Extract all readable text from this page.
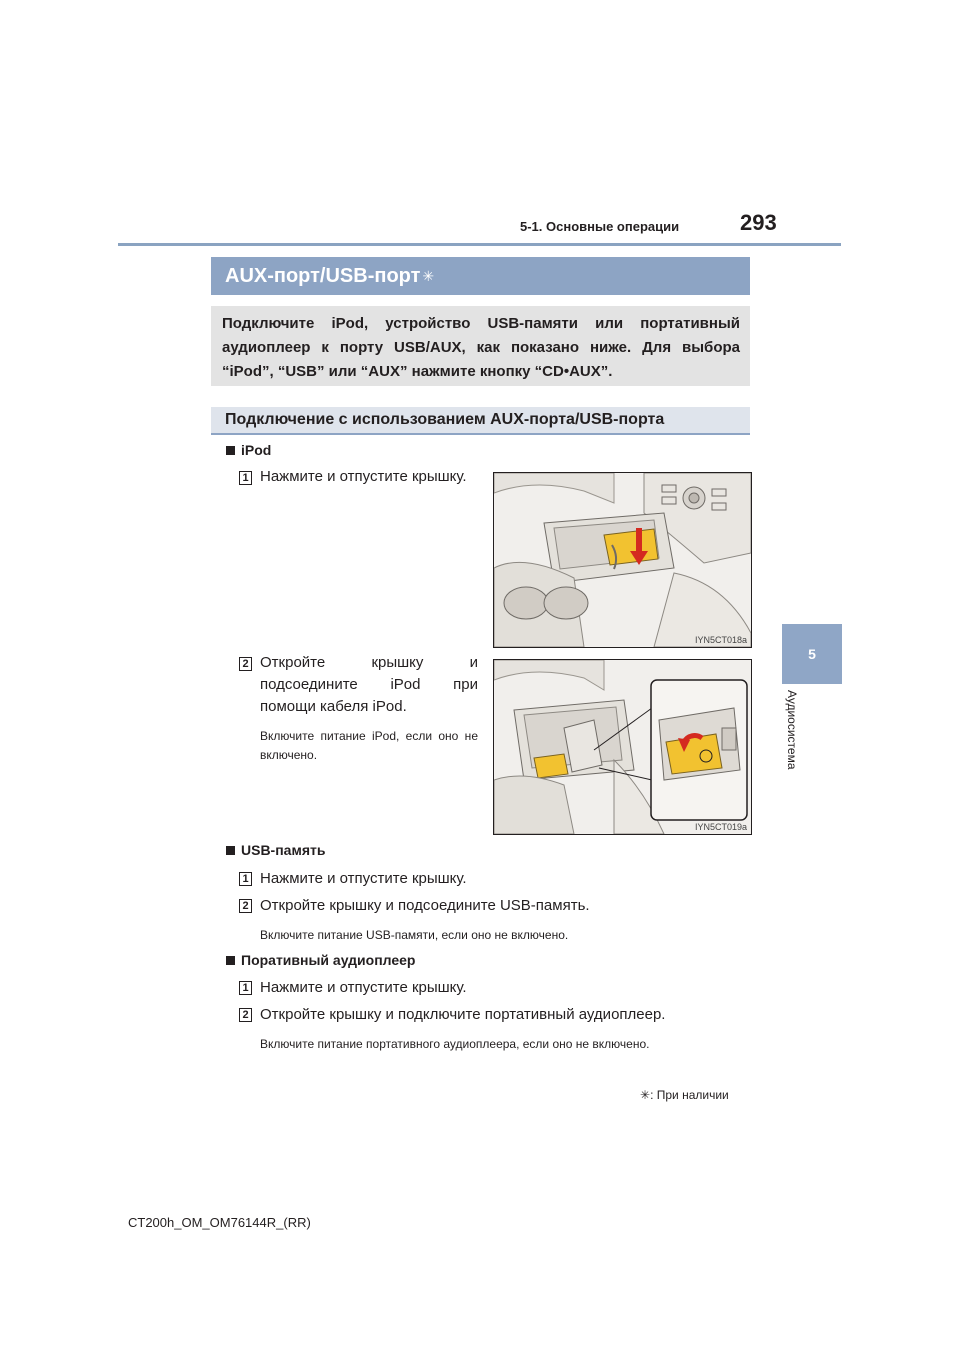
5-1. Основные операции	293
5
Аудиосистема
AUX-порт/USB-порт ✳
Подключите iPod, устройство USB-памяти или портативный аудиоплеер к порту USB/AUX, как показано ниже. Для выбора “iPod”, “USB” или “AUX” нажмите кнопку “CD•AUX”.
Подключение с использованием AUX-порта/USB-порта
iPod
1 Нажмите и отпустите крышку.
2 Откройте крышку и подсоедините iPod при помощи кабеля iPod.
Включите питание iPod, если оно не включено.
IYN5CT018a
IYN5CT019a
USB-память
1 Нажмите и отпустите крышку.
2 Откройте крышку и подсоедините USB-память.
Включите питание USB-памяти, если оно не включено.
Поративный аудиоплеер
1 Нажмите и отпустите крышку.
2 Откройте крышку и подключите портативный аудиоплеер.
Включите питание портативного аудиоплеера, если оно не включено.
✳: При наличии
CT200h_OM_OM76144R_(RR)
